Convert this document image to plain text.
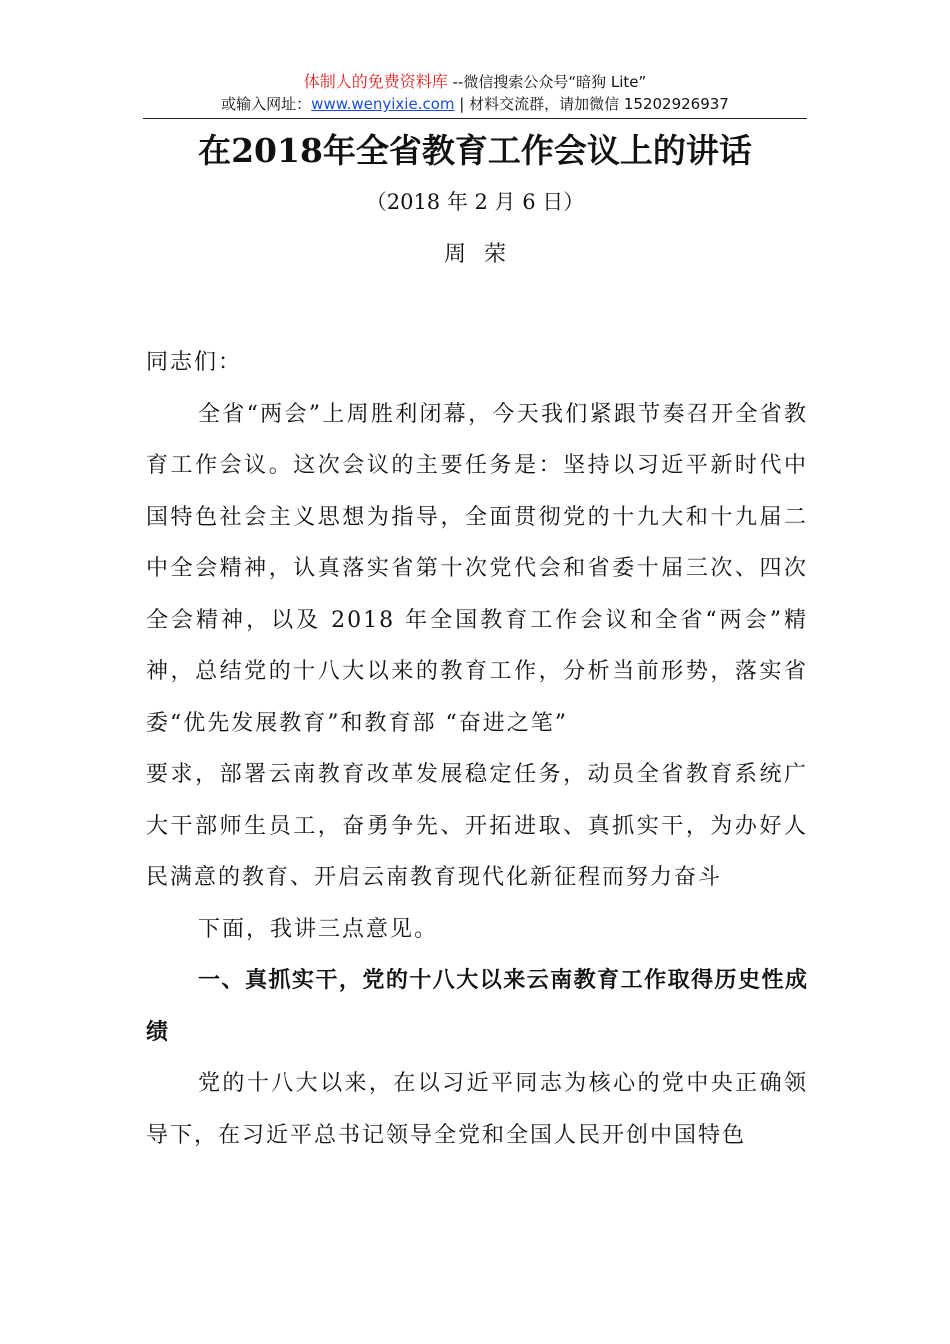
体制人的免费资料库 --微信搜索公众号“暗狗 Lite”
或输入网址：www.wenyixie.com | 材料交流群，请加微信 15202926937
在2018年全省教育工作会议上的讲话
（2018 年 2 月 6 日）
周荣

同志们：

全省“两会”上周胜利闭幕，今天我们紧跟节奏召开全省教育工作会议。这次会议的主要任务是：坚持以习近平新时代中国特色社会主义思想为指导，全面贯彻党的十九大和十九届二中全会精神，认真落实省第十次党代会和省委十届三次、四次全会精神，以及 2018 年全国教育工作会议和全省“两会”精神，总结党的十八大以来的教育工作，分析当前形势，落实省委“优先发展教育”和教育部 “奋进之笔”

要求，部署云南教育改革发展稳定任务，动员全省教育系统广大干部师生员工，奋勇争先、开拓进取、真抓实干，为办好人民满意的教育、开启云南教育现代化新征程而努力奋斗

下面，我讲三点意见。

一、真抓实干，党的十八大以来云南教育工作取得历史性成绩

党的十八大以来，在以习近平同志为核心的党中央正确领导下，在习近平总书记领导全党和全国人民开创中国特色
